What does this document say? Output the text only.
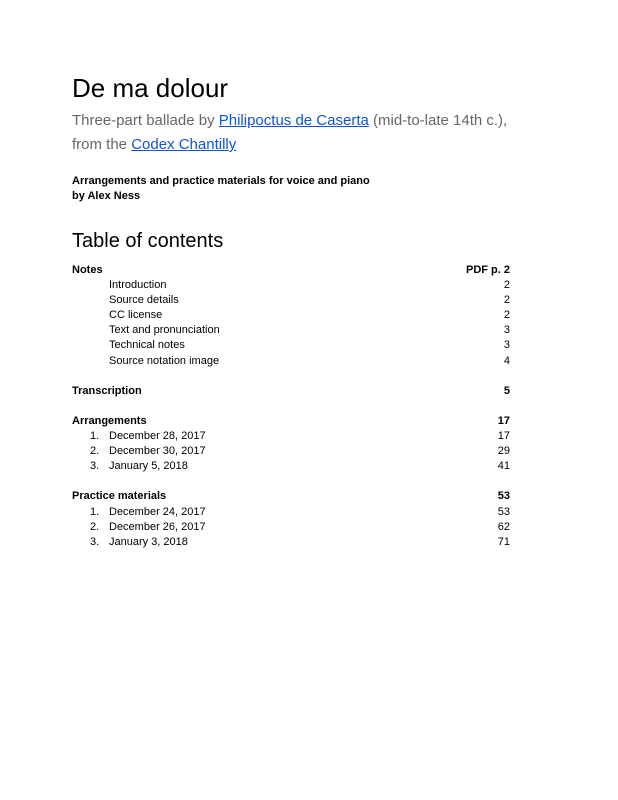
De ma dolour
Three-part ballade by Philipoctus de Caserta (mid-to-late 14th c.),
from the Codex Chantilly
Arrangements and practice materials for voice and piano
by Alex Ness
Table of contents
Notes	PDF p. 2
Introduction	2
Source details	2
CC license	2
Text and pronunciation	3
Technical notes	3
Source notation image	4
Transcription	5
Arrangements	17
1. December 28, 2017	17
2. December 30, 2017	29
3. January 5, 2018	41
Practice materials	53
1. December 24, 2017	53
2. December 26, 2017	62
3. January 3, 2018	71
